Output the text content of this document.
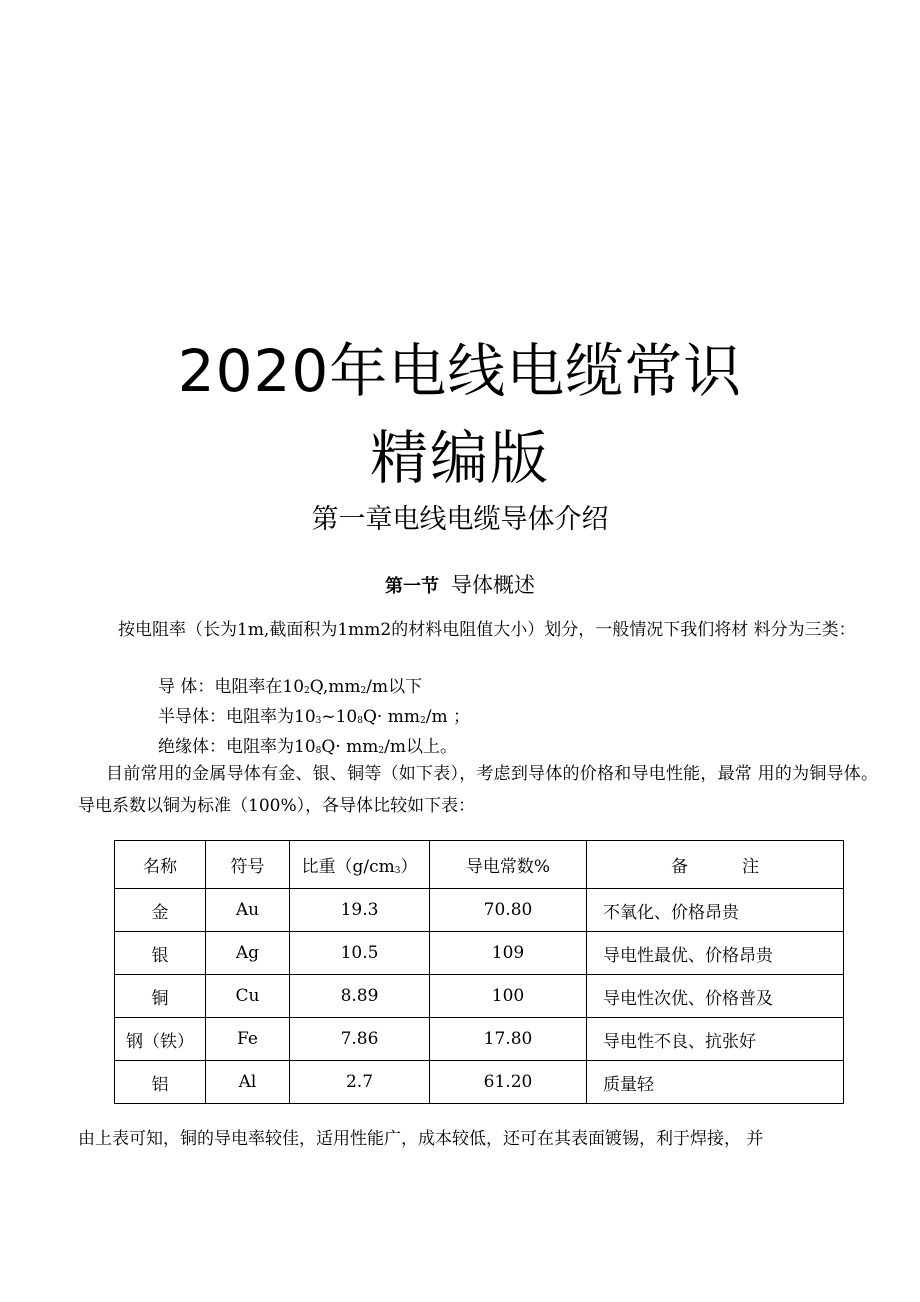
2020年电线电缆常识
精编版
第一章电线电缆导体介绍
第一节 导体概述
按电阻率（长为1m,截面积为1mm2的材料电阻值大小）划分，一般情况下我们将材 料分为三类：
导 体：电阻率在$10_2Q,mm_2/m$以下
半导体：电阻率为$10_3\sim 10_8Q\cdot mm_2/m$ ；
绝缘体：电阻率为$10_8Q\cdot mm_2/m$以上。
目前常用的金属导体有金、银、铜等（如下表），考虑到导体的价格和导电性能，最常 用的为铜导体。导电系数以铜为标准（100%），各导体比较如下表：
名称	符号	比重$(g/cm_3)$	导电常数%	备          注
金	Au	19.3	70.80	不氧化、价格昂贵
银	Ag	10.5	109	导电性最优、价格昂贵
铜	Cu	8.89	100	导电性次优、价格普及
钢（铁）	Fe	7.86	17.80	导电性不良、抗张好
铝	Al	2.7	61.20	质量轻
由上表可知，铜的导电率较佳，适用性能广，成本较低，还可在其表面镀锡，利于焊接， 并
